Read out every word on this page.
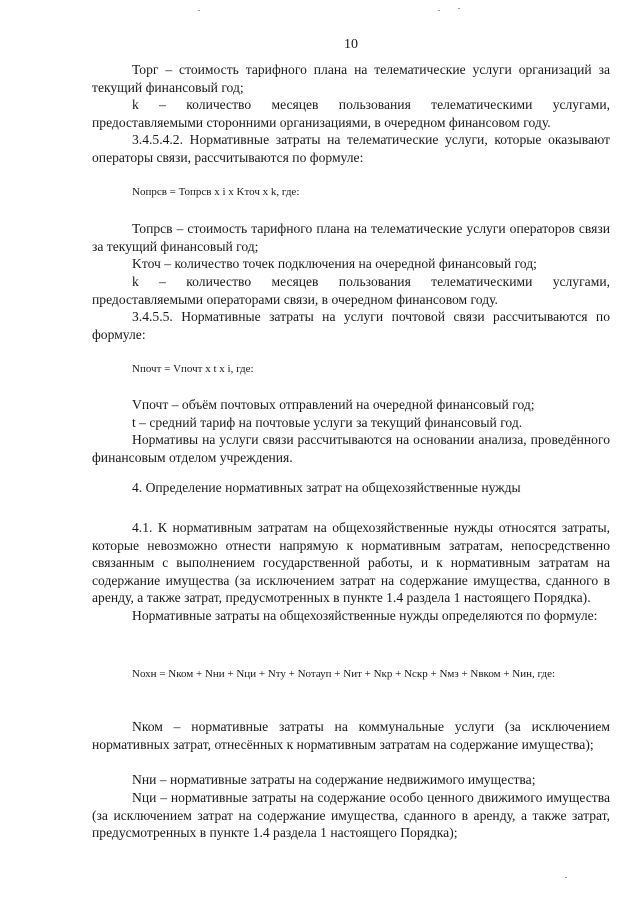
10

Торг – стоимость тарифного плана на телематические услуги организаций за текущий финансовый год;

k – количество месяцев пользования телематическими услугами, предоставляемыми сторонними организациями, в очередном финансовом году.

3.4.5.4.2. Нормативные затраты на телематические услуги, которые оказывают операторы связи, рассчитываются по формуле:

Nопрсв = Топрсв x i x Kточ x k, где:

Топрсв – стоимость тарифного плана на телематические услуги операторов связи за текущий финансовый год;

Kточ – количество точек подключения на очередной финансовый год;

k – количество месяцев пользования телематическими услугами, предоставляемыми операторами связи, в очередном финансовом году.

3.4.5.5. Нормативные затраты на услуги почтовой связи рассчитываются по формуле:

Nпочт = Vпочт x t x i, где:

Vпочт – объём почтовых отправлений на очередной финансовый год;

t – средний тариф на почтовые услуги за текущий финансовый год.

Нормативы на услуги связи рассчитываются на основании анализа, проведённого финансовым отделом учреждения.

4. Определение нормативных затрат на общехозяйственные нужды

4.1. К нормативным затратам на общехозяйственные нужды относятся затраты, которые невозможно отнести напрямую к нормативным затратам, непосредственно связанным с выполнением государственной работы, и к нормативным затратам на содержание имущества (за исключением затрат на содержание имущества, сданного в аренду, а также затрат, предусмотренных в пункте 1.4 раздела 1 настоящего Порядка).

Нормативные затраты на общехозяйственные нужды определяются по формуле:

Nохн = Nком + Nни + Nци + Nту + Nотауп + Nит + Nкр + Nскр + Nмз + Nвком + Nин, где:

Nком – нормативные затраты на коммунальные услуги (за исключением нормативных затрат, отнесённых к нормативным затратам на содержание имущества);

Nни – нормативные затраты на содержание недвижимого имущества;

Nци – нормативные затраты на содержание особо ценного движимого имущества (за исключением затрат на содержание имущества, сданного в аренду, а также затрат, предусмотренных в пункте 1.4 раздела 1 настоящего Порядка);
